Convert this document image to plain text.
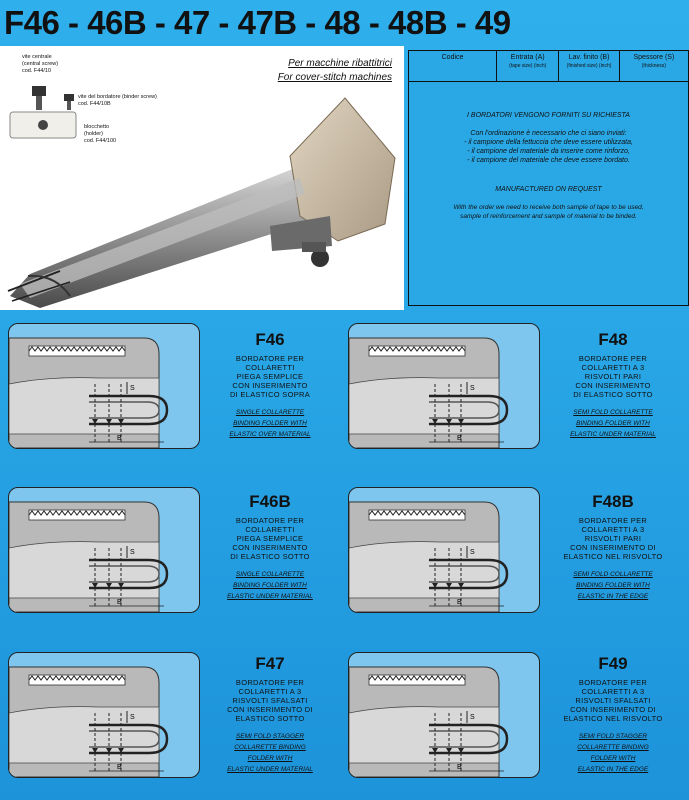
F46 - 46B - 47 - 47B - 48 - 48B - 49
Per macchine ribattitrici
For cover-stitch machines
vite centrale
(central screw)
cod. F44/10
vite del bordatore (binder screw)
cod. F44/10B
blocchetto
(holder)
cod. F44/100
Codice	Entrata (A)
(tape size) (inch)
Lav. finito (B)
(finished size) (inch)
Spessore (S)
(thickness)

I BORDATORI VENGONO FORNITI SU RICHIESTA

Con l'ordinazione è necessario che ci siano inviati:
- il campione della fettuccia che deve essere utilizzata,
- il campione del materiale da inserire come rinforzo,
- il campione del materiale che deve essere bordato.

MANUFACTURED ON REQUEST

With the order we need to receive both sample of tape to be used,
sample of reinforcement and sample of material to be binded.
S
B
F46
BORDATORE PER
COLLARETTI
PIEGA SEMPLICE
CON INSERIMENTO
DI ELASTICO SOPRA
SINGLE COLLARETTE
BINDING FOLDER WITH
ELASTIC OVER MATERIAL
S
B
F48
BORDATORE PER
COLLARETTI A 3
RISVOLTI PARI
CON INSERIMENTO
DI ELASTICO SOTTO
SEMI FOLD COLLARETTE
BINDING FOLDER WITH
ELASTIC UNDER MATERIAL
S
B
F46B
BORDATORE PER
COLLARETTI
PIEGA SEMPLICE
CON INSERIMENTO
DI ELASTICO SOTTO
SINGLE COLLARETTE
BINDING FOLDER WITH
ELASTIC UNDER MATERIAL
S
B
F48B
BORDATORE PER
COLLARETTI A 3
RISVOLTI PARI
CON INSERIMENTO DI
ELASTICO NEL RISVOLTO
SEMI FOLD COLLARETTE
BINDING FOLDER WITH
ELASTIC IN THE EDGE
S
B
F47
BORDATORE PER
COLLARETTI A 3
RISVOLTI SFALSATI
CON INSERIMENTO DI
ELASTICO SOTTO
SEMI FOLD STAGGER
COLLARETTE BINDING
FOLDER WITH
ELASTIC UNDER MATERIAL
S
B
F49
BORDATORE PER
COLLARETTI A 3
RISVOLTI SFALSATI
CON INSERIMENTO DI
ELASTICO NEL RISVOLTO
SEMI FOLD STAGGER
COLLARETTE BINDING
FOLDER WITH
ELASTIC IN THE EDGE
